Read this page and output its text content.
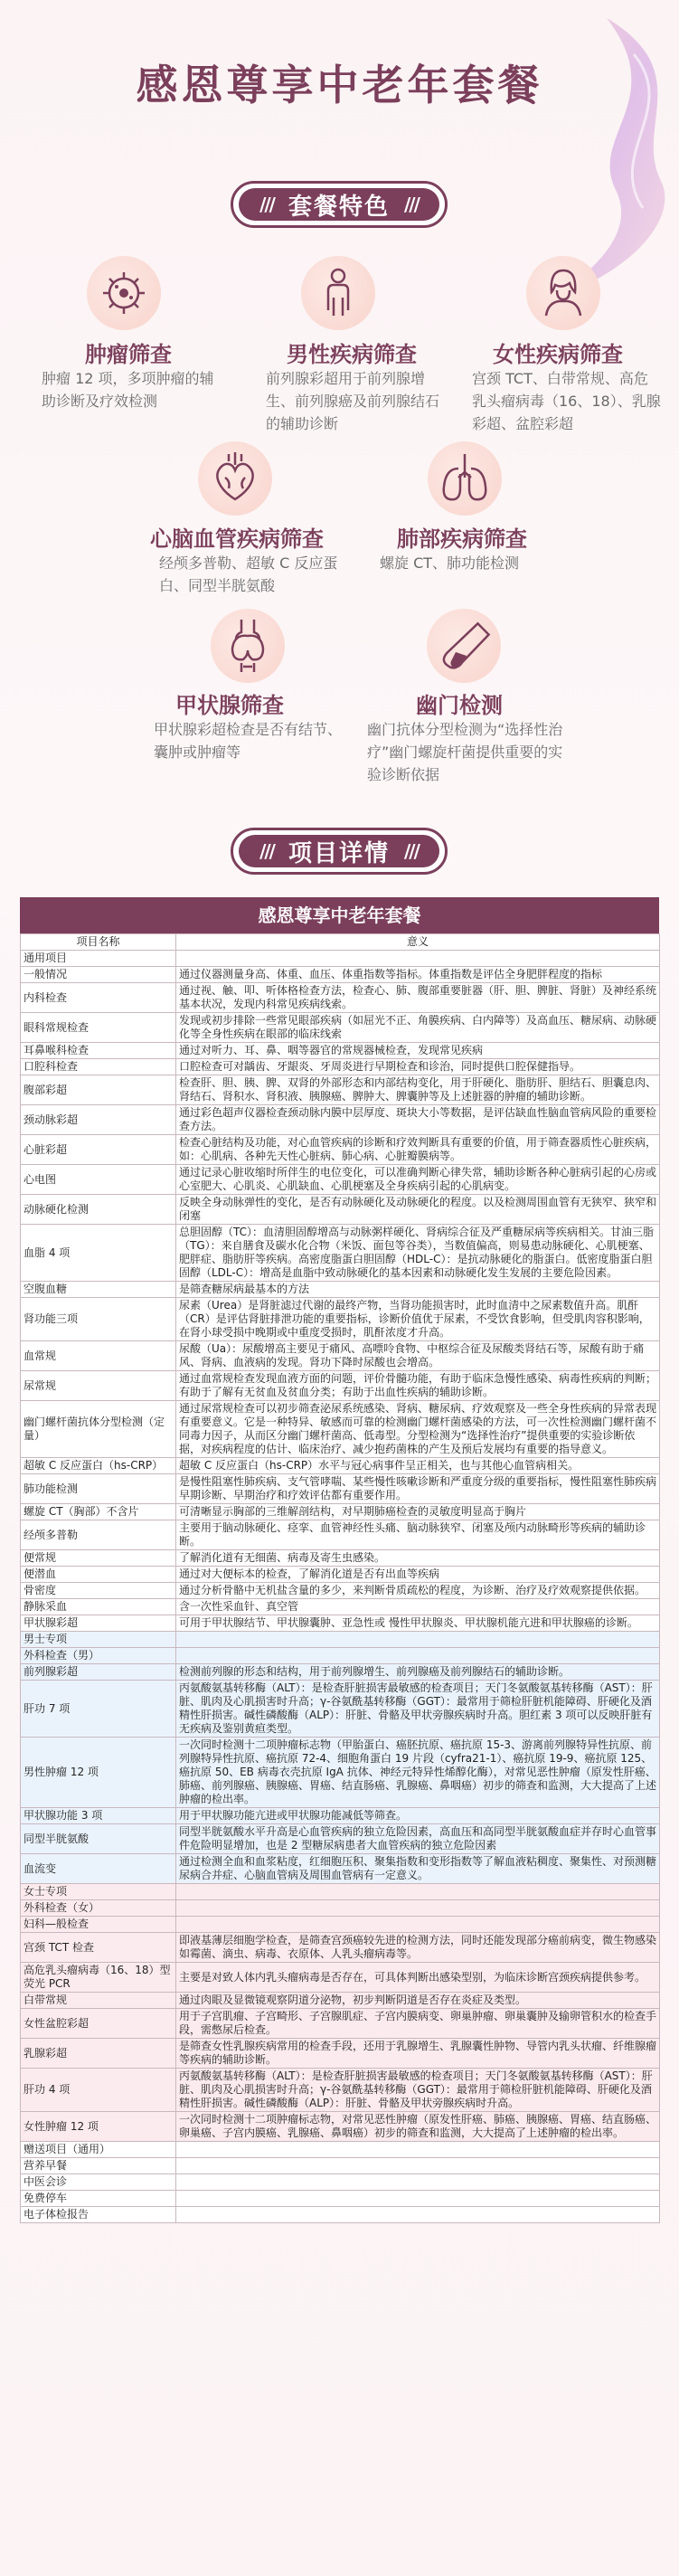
感恩尊享中老年套餐
/// 套餐特色 ///
肿瘤筛查
肿瘤 12 项，多项肿瘤的辅助诊断及疗效检测
男性疾病筛查
前列腺彩超用于前列腺增生、前列腺癌及前列腺结石的辅助诊断
女性疾病筛查
宫颈 TCT、白带常规、高危乳头瘤病毒（16、18）、乳腺彩超、盆腔彩超
心脑血管疾病筛查
经颅多普勒、超敏 C 反应蛋白、同型半胱氨酸
肺部疾病筛查
螺旋 CT、肺功能检测
甲状腺筛查
甲状腺彩超检查是否有结节、囊肿或肿瘤等
幽门检测
幽门抗体分型检测为“选择性治疗”幽门螺旋杆菌提供重要的实验诊断依据
/// 项目详情 ///
感恩尊享中老年套餐
项目名称	意义
通用项目	
一般情况	通过仪器测量身高、体重、血压、体重指数等指标。体重指数是评估全身肥胖程度的指标
内科检查	通过视、触、叩、听体格检查方法，检查心、肺、腹部重要脏器（肝、胆、脾脏、肾脏）及神经系统基本状况，发现内科常见疾病线索。
眼科常规检查	发现或初步排除一些常见眼部疾病（如屈光不正、角膜疾病、白内障等）及高血压、糖尿病、动脉硬化等全身性疾病在眼部的临床线索
耳鼻喉科检查	通过对听力、耳、鼻、咽等器官的常规器械检查，发现常见疾病
口腔科检查	口腔检查可对龋齿、牙龈炎、牙周炎进行早期检查和诊治，同时提供口腔保健指导。
腹部彩超	检查肝、胆、胰、脾、双肾的外部形态和内部结构变化，用于肝硬化、脂肪肝、胆结石、胆囊息肉、肾结石、肾积水、肾积液、胰腺癌、脾肿大、脾囊肿等及上述脏器的肿瘤的辅助诊断。
颈动脉彩超	通过彩色超声仪器检查颈动脉内膜中层厚度、斑块大小等数据，是评估缺血性脑血管病风险的重要检查方法。
心脏彩超	检查心脏结构及功能，对心血管疾病的诊断和疗效判断具有重要的价值，用于筛查器质性心脏疾病，如：心肌病、各种先天性心脏病、肺心病、心脏瓣膜病等。
心电图	通过记录心脏收缩时所伴生的电位变化，可以准确判断心律失常，辅助诊断各种心脏病引起的心房或心室肥大、心肌炎、心肌缺血、心肌梗塞及全身疾病引起的心肌病变。
动脉硬化检测	反映全身动脉弹性的变化，是否有动脉硬化及动脉硬化的程度。以及检测周围血管有无狭窄、狭窄和闭塞
血脂 4 项	总胆固醇（TC）：血清胆固醇增高与动脉粥样硬化、肾病综合征及严重糖尿病等疾病相关。甘油三脂（TG）：来自膳食及碳水化合物（米饭、面包等谷类），当数值偏高，则易患动脉硬化、心肌梗塞、肥胖症、脂肪肝等疾病。高密度脂蛋白胆固醇（HDL-C）：是抗动脉硬化的脂蛋白。低密度脂蛋白胆固醇（LDL-C）：增高是血脂中致动脉硬化的基本因素和动脉硬化发生发展的主要危险因素。
空腹血糖	是筛查糖尿病最基本的方法
肾功能三项	尿素（Urea）是肾脏滤过代谢的最终产物，当肾功能损害时，此时血清中之尿素数值升高。肌酐（CR）是评估肾脏排泄功能的重要指标，诊断价值优于尿素，不受饮食影响，但受肌肉容积影响，在肾小球受损中晚期或中重度受损时，肌酐浓度才升高。
血常规	尿酸（Ua）：尿酸增高主要见于痛风、高嘌呤食物、中枢综合征及尿酸类肾结石等，尿酸有助于痛风、肾病、血液病的发现。肾功下降时尿酸也会增高。
尿常规	通过血常规检查发现血液方面的问题，评价骨髓功能，有助于临床急慢性感染、病毒性疾病的判断；有助于了解有无贫血及贫血分类；有助于出血性疾病的辅助诊断。
幽门螺杆菌抗体分型检测（定量）	通过尿常规检查可以初步筛查泌尿系统感染、肾病、糖尿病、疗效观察及一些全身性疾病的异常表现有重要意义。它是一种特异、敏感而可靠的检测幽门螺杆菌感染的方法，可一次性检测幽门螺杆菌不同毒力因子，从而区分幽门螺杆菌高、低毒型。分型检测为“选择性治疗”提供重要的实验诊断依据，对疾病程度的估计、临床治疗、减少抱药菌株的产生及预后发展均有重要的指导意义。
超敏 C 反应蛋白（hs-CRP）	超敏 C 反应蛋白（hs-CRP）水平与冠心病事件呈正相关，也与其他心血管病相关。
肺功能检测	是慢性阻塞性肺疾病、支气管哮喘、某些慢性咳嗽诊断和严重度分级的重要指标，慢性阻塞性肺疾病早期诊断、早期治疗和疗效评估都有重要作用。
螺旋 CT（胸部）不含片	可清晰显示胸部的三维解剖结构，对早期肺癌检查的灵敏度明显高于胸片
经颅多普勒	主要用于脑动脉硬化、痉挛、血管神经性头痛、脑动脉狭窄、闭塞及颅内动脉畸形等疾病的辅助诊断。
便常规	了解消化道有无细菌、病毒及寄生虫感染。
便潜血	通过对大便标本的检查，了解消化道是否有出血等疾病
骨密度	通过分析骨骼中无机盐含量的多少，来判断骨质疏松的程度，为诊断、治疗及疗效观察提供依据。
静脉采血	含一次性采血针、真空管
甲状腺彩超	可用于甲状腺结节、甲状腺囊肿、亚急性或 慢性甲状腺炎、甲状腺机能亢进和甲状腺癌的诊断。
男士专项	
外科检查（男）	
前列腺彩超	检测前列腺的形态和结构，用于前列腺增生、前列腺癌及前列腺结石的辅助诊断。
肝功 7 项	丙氨酸氨基转移酶（ALT）：是检查肝脏损害最敏感的检查项目；天门冬氨酸氨基转移酶（AST）：肝脏、肌肉及心肌损害时升高；γ-谷氨酰基转移酶（GGT）：最常用于筛检肝脏机能障碍、肝硬化及酒精性肝损害。碱性磷酸酶（ALP）：肝脏、骨骼及甲状旁腺疾病时升高。胆红素 3 项可以反映肝脏有无疾病及鉴别黄疸类型。
男性肿瘤 12 项	一次同时检测十二项肿瘤标志物（甲胎蛋白、癌胚抗原、癌抗原 15-3、游离前列腺特异性抗原、前列腺特异性抗原、癌抗原 72-4、细胞角蛋白 19 片段（cyfra21-1）、癌抗原 19-9、癌抗原 125、癌抗原 50、EB 病毒衣壳抗原 IgA 抗体、神经元特异性烯醇化酶），对常见恶性肿瘤（原发性肝癌、肺癌、前列腺癌、胰腺癌、胃癌、结直肠癌、乳腺癌、鼻咽癌）初步的筛查和监测，大大提高了上述肿瘤的检出率。
甲状腺功能 3 项	用于甲状腺功能亢进或甲状腺功能减低等筛查。
同型半胱氨酸	同型半胱氨酸水平升高是心血管疾病的独立危险因素，高血压和高同型半胱氨酸血症并存时心血管事件危险明显增加，也是 2 型糖尿病患者大血管疾病的独立危险因素
血流变	通过检测全血和血浆粘度，红细胞压积、聚集指数和变形指数等了解血液粘稠度、聚集性、对预测糖尿病合并症、心脑血管病及周围血管病有一定意义。
女士专项	
外科检查（女）	
妇科—般检查	
宫颈 TCT 检查	即液基薄层细胞学检查，是筛查宫颈癌较先进的检测方法，同时还能发现部分癌前病变，微生物感染如霉菌、滴虫、病毒、衣原体、人乳头瘤病毒等。
高危乳头瘤病毒（16、18）型荧光 PCR	主要是对致人体内乳头瘤病毒是否存在，可具体判断出感染型别，为临床诊断宫颈疾病提供参考。
白带常规	通过肉眼及显微镜观察阴道分泌物，初步判断阴道是否存在炎症及类型。
女性盆腔彩超	用于子宫肌瘤、子宫畸形、子宫腺肌症、子宫内膜病变、卵巢肿瘤、卵巢囊肿及输卵管积水的检查手段，需憋尿后检查。
乳腺彩超	是筛查女性乳腺疾病常用的检查手段，还用于乳腺增生、乳腺囊性肿物、导管内乳头状瘤、纤维腺瘤等疾病的辅助诊断。
肝功 4 项	丙氨酸氨基转移酶（ALT）：是检查肝脏损害最敏感的检查项目；天门冬氨酸氨基转移酶（AST）：肝脏、肌肉及心肌损害时升高；γ-谷氨酰基转移酶（GGT）：最常用于筛检肝脏机能障碍、肝硬化及酒精性肝损害。碱性磷酸酶（ALP）：肝脏、骨骼及甲状旁腺疾病时升高。
女性肿瘤 12 项	一次同时检测十二项肿瘤标志物，对常见恶性肿瘤（原发性肝癌、肺癌、胰腺癌、胃癌、结直肠癌、卵巢癌、子宫内膜癌、乳腺癌、鼻咽癌）初步的筛查和监测，大大提高了上述肿瘤的检出率。
赠送项目（通用）	
营养早餐	
中医会诊	
免费停车	
电子体检报告	
